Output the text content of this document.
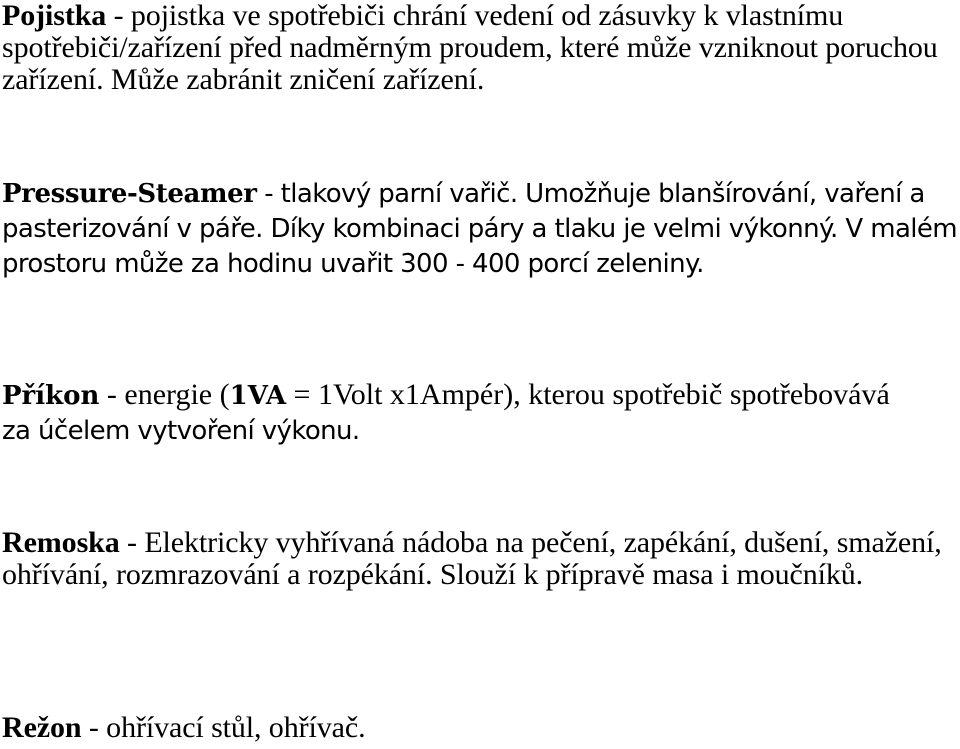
Pojistka - pojistka ve spotřebiči chrání vedení od zásuvky k vlastnímu spotřebiči/zařízení před nadměrným proudem, které může vzniknout poruchou zařízení. Může zabránit zničení zařízení.

Pressure-Steamer - tlakový parní vařič. Umožňuje blanšírování, vaření a pasterizování v páře. Díky kombinaci páry a tlaku je velmi výkonný. V malém prostoru může za hodinu uvařit 300 - 400 porcí zeleniny.

Příkon - energie (1VA = 1Volt x1Ampér), kterou spotřebič spotřebovává
za účelem vytvoření výkonu.

Remoska - Elektricky vyhřívaná nádoba na pečení, zapékání, dušení, smažení, ohřívání, rozmrazování a rozpékání. Slouží k přípravě masa i moučníků.

Režon - ohřívací stůl, ohřívač.
